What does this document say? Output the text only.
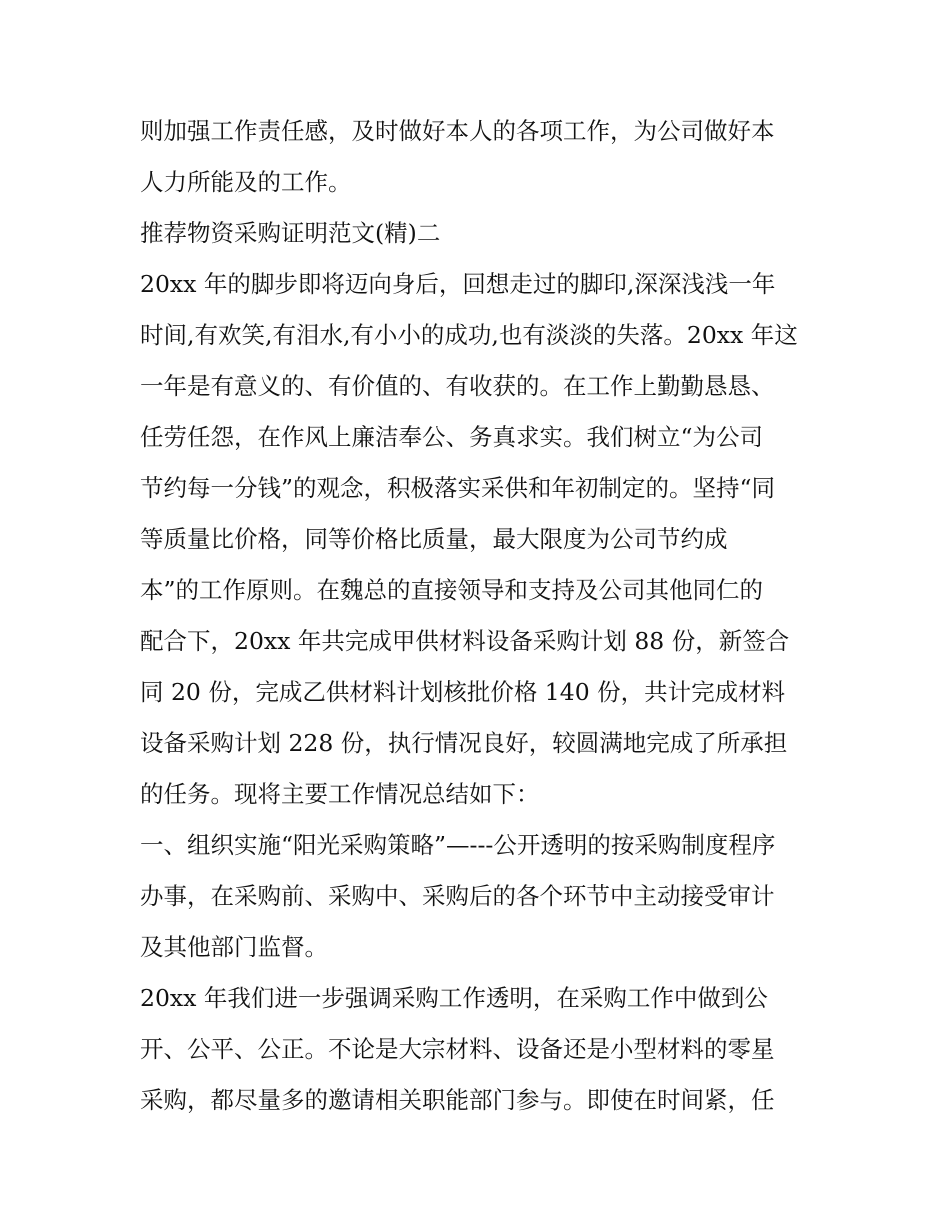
则加强工作责任感，及时做好本人的各项工作，为公司做好本
人力所能及的工作。
推荐物资采购证明范文(精)二
20xx 年的脚步即将迈向身后，回想走过的脚印,深深浅浅一年
时间,有欢笑,有泪水,有小小的成功,也有淡淡的失落。20xx 年这
一年是有意义的、有价值的、有收获的。在工作上勤勤恳恳、
任劳任怨，在作风上廉洁奉公、务真求实。我们树立“为公司
节约每一分钱”的观念，积极落实采供和年初制定的。坚持“同
等质量比价格，同等价格比质量，最大限度为公司节约成
本”的工作原则。在魏总的直接领导和支持及公司其他同仁的
配合下，20xx 年共完成甲供材料设备采购计划 88 份，新签合
同 20 份，完成乙供材料计划核批价格 140 份，共计完成材料
设备采购计划 228 份，执行情况良好，较圆满地完成了所承担
的任务。现将主要工作情况总结如下：
一、组织实施“阳光采购策略”—---公开透明的按采购制度程序
办事，在采购前、采购中、采购后的各个环节中主动接受审计
及其他部门监督。
20xx 年我们进一步强调采购工作透明，在采购工作中做到公
开、公平、公正。不论是大宗材料、设备还是小型材料的零星
采购，都尽量多的邀请相关职能部门参与。即使在时间紧，任
